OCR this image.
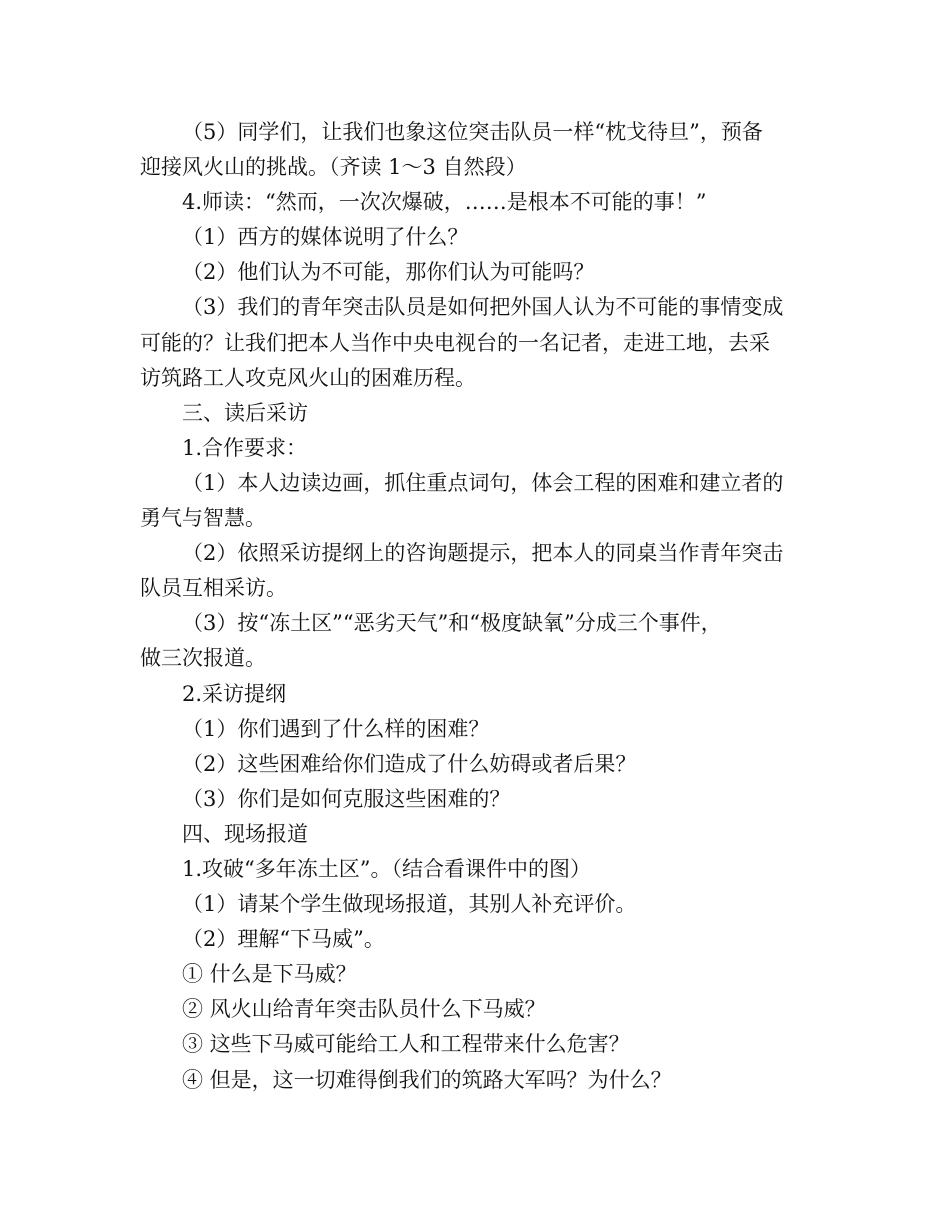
（5）同学们，让我们也象这位突击队员一样“枕戈待旦”，预备
迎接风火山的挑战。（齐读 1～3 自然段）
4.师读：“然而，一次次爆破，……是根本不可能的事！”
（1）西方的媒体说明了什么？
（2）他们认为不可能，那你们认为可能吗？
（3）我们的青年突击队员是如何把外国人认为不可能的事情变成
可能的？让我们把本人当作中央电视台的一名记者，走进工地，去采
访筑路工人攻克风火山的困难历程。
三、读后采访
1.合作要求：
（1）本人边读边画，抓住重点词句，体会工程的困难和建立者的
勇气与智慧。
（2）依照采访提纲上的咨询题提示，把本人的同桌当作青年突击
队员互相采访。
（3）按“冻土区”“恶劣天气”和“极度缺氧”分成三个事件，
做三次报道。
2.采访提纲
（1）你们遇到了什么样的困难？
（2）这些困难给你们造成了什么妨碍或者后果？
（3）你们是如何克服这些困难的？
四、现场报道
1.攻破“多年冻土区”。（结合看课件中的图）
（1）请某个学生做现场报道，其别人补充评价。
（2）理解“下马威”。
① 什么是下马威？
② 风火山给青年突击队员什么下马威？
③ 这些下马威可能给工人和工程带来什么危害？
④ 但是，这一切难得倒我们的筑路大军吗？为什么？
